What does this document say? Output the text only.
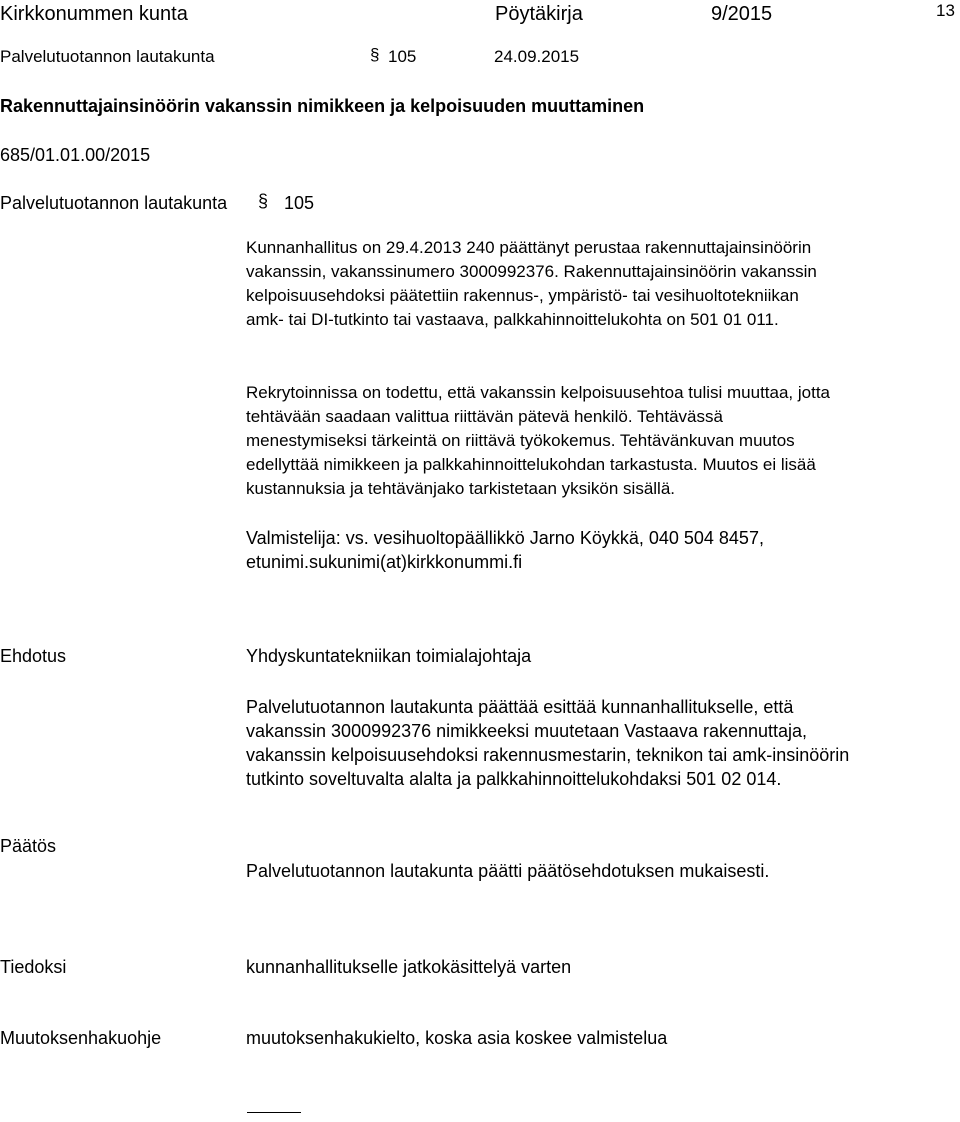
Kirkkonummen kunta	Pöytäkirja	9/2015	13
Palvelutuotannon lautakunta	§ 105	24.09.2015
Rakennuttajainsinöörin vakanssin nimikkeen ja kelpoisuuden muuttaminen
685/01.01.00/2015
Palvelutuotannon lautakunta § 105
Kunnanhallitus on 29.4.2013 240 päättänyt perustaa rakennuttajainsinöörin
vakanssin, vakanssinumero 3000992376. Rakennuttajainsinöörin vakanssin
kelpoisuusehdoksi päätettiin rakennus-, ympäristö- tai vesihuoltotekniikan
amk- tai DI-tutkinto tai vastaava, palkkahinnoittelukohta on 501 01 011.
Rekrytoinnissa on todettu, että vakanssin kelpoisuusehtoa tulisi muuttaa, jotta
tehtävään saadaan valittua riittävän pätevä henkilö. Tehtävässä
menestymiseksi tärkeintä on riittävä työkokemus. Tehtävänkuvan muutos
edellyttää nimikkeen ja palkkahinnoittelukohdan tarkastusta. Muutos ei lisää
kustannuksia ja tehtävänjako tarkistetaan yksikön sisällä.
Valmistelija: vs. vesihuoltopäällikkö Jarno Köykkä, 040 504 8457,
etunimi.sukunimi(at)kirkkonummi.fi
Ehdotus	Yhdyskuntatekniikan toimialajohtaja
Palvelutuotannon lautakunta päättää esittää kunnanhallitukselle, että
vakanssin 3000992376 nimikkeeksi muutetaan Vastaava rakennuttaja,
vakanssin kelpoisuusehdoksi rakennusmestarin, teknikon tai amk-insinöörin
tutkinto soveltuvalta alalta ja palkkahinnoittelukohdaksi 501 02 014.
Päätös
Palvelutuotannon lautakunta päätti päätösehdotuksen mukaisesti.
Tiedoksi	kunnanhallitukselle jatkokäsittelyä varten
Muutoksenhakuohje	muutoksenhakukielto, koska asia koskee valmistelua
